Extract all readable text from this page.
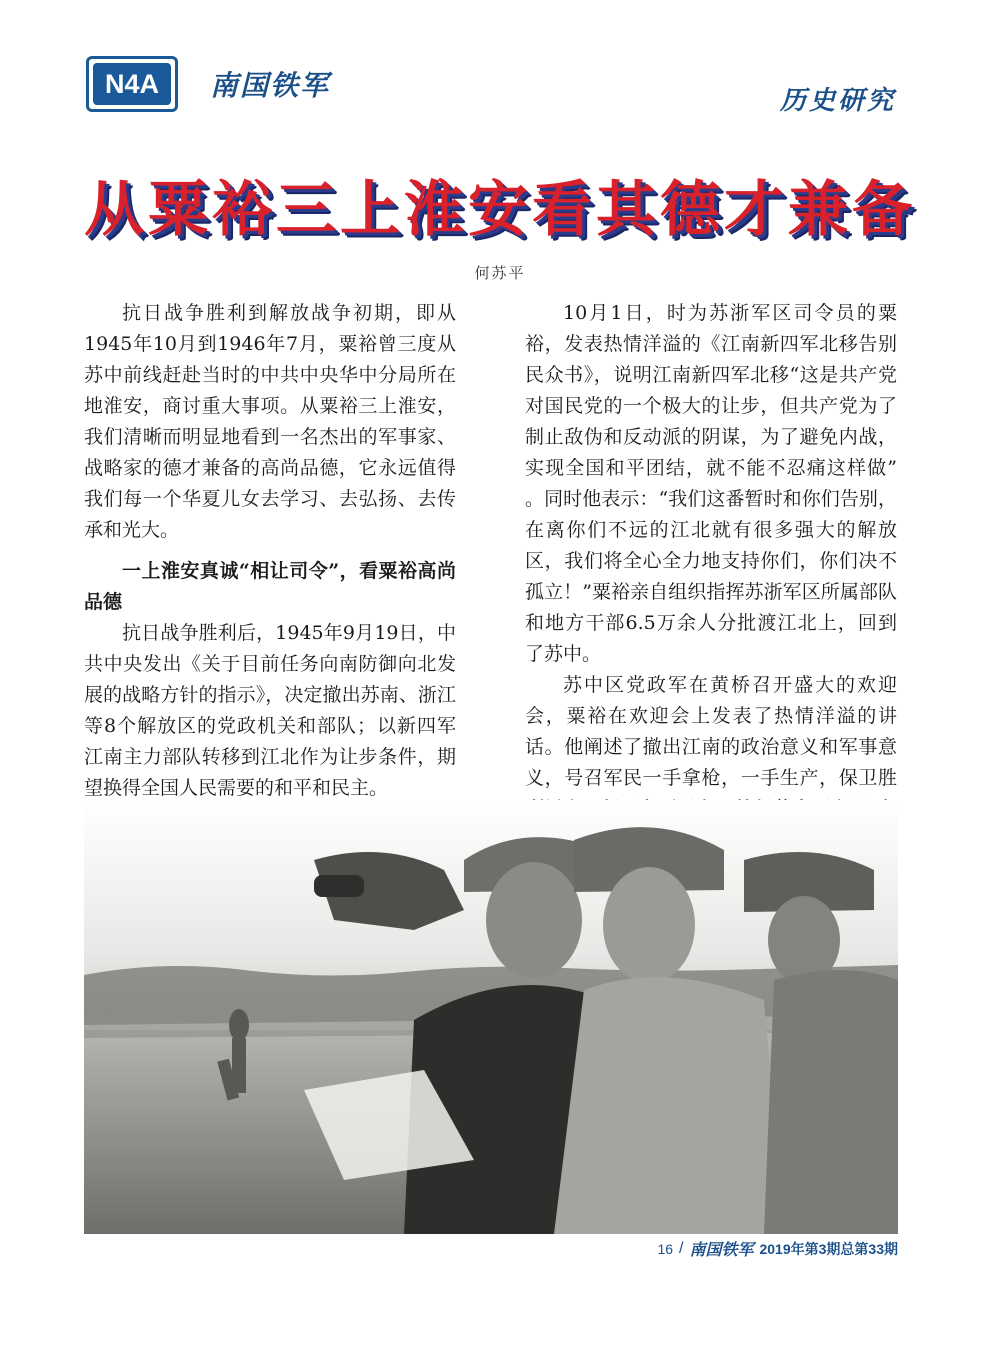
N4A	南国铁军	历史研究
从粟裕三上淮安看其德才兼备
何苏平

抗日战争胜利到解放战争初期，即从1945年10月到1946年7月，粟裕曾三度从苏中前线赶赴当时的中共中央华中分局所在地淮安，商讨重大事项。从粟裕三上淮安，我们清晰而明显地看到一名杰出的军事家、战略家的德才兼备的高尚品德，它永远值得我们每一个华夏儿女去学习、去弘扬、去传承和光大。

一上淮安真诚“相让司令”，看粟裕高尚品德

抗日战争胜利后，1945年9月19日，中共中央发出《关于目前任务向南防御向北发展的战略方针的指示》，决定撤出苏南、浙江等8个解放区的党政机关和部队；以新四军江南主力部队转移到江北作为让步条件，期望换得全国人民需要的和平和民主。

10月1日，时为苏浙军区司令员的粟裕，发表热情洋溢的《江南新四军北移告别民众书》，说明江南新四军北移“这是共产党对国民党的一个极大的让步，但共产党为了制止敌伪和反动派的阴谋，为了避免内战，实现全国和平团结，就不能不忍痛这样做” 。同时他表示：“我们这番暂时和你们告别，在离你们不远的江北就有很多强大的解放区，我们将全心全力地支持你们，你们决不孤立！”粟裕亲自组织指挥苏浙军区所属部队和地方干部6.5万余人分批渡江北上，回到了苏中。

苏中区党政军在黄桥召开盛大的欢迎会，粟裕在欢迎会上发表了热情洋溢的讲话。他阐述了撤出江南的政治意义和军事意义，号召军民一手拿枪，一手生产，保卫胜

16 / 南国铁军 2019年第3期总第33期
